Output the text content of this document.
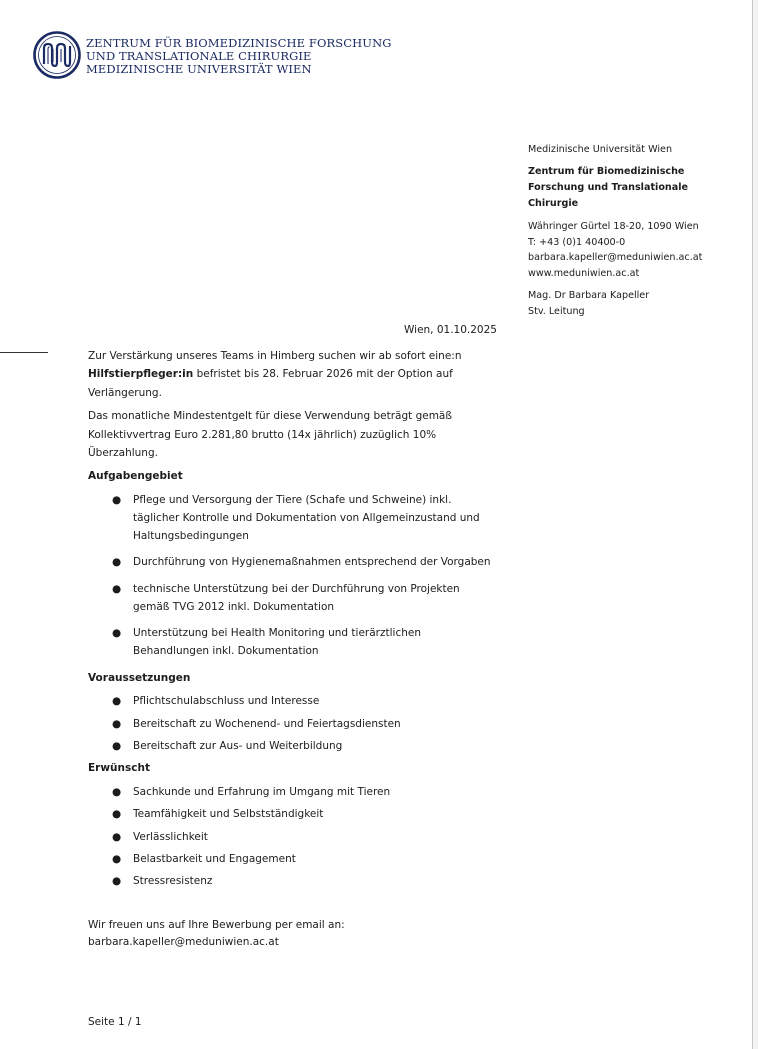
ZENTRUM FÜR BIOMEDIZINISCHE FORSCHUNG
UND TRANSLATIONALE CHIRURGIE
MEDIZINISCHE UNIVERSITÄT WIEN
Medizinische Universität Wien
Zentrum für Biomedizinische
Forschung und Translationale
Chirurgie
Währinger Gürtel 18-20, 1090 Wien
T: +43 (0)1 40400-0
barbara.kapeller@meduniwien.ac.at
www.meduniwien.ac.at
Mag. Dr Barbara Kapeller
Stv. Leitung
Wien, 01.10.2025

Zur Verstärkung unseres Teams in Himberg suchen wir ab sofort eine:n
Hilfstierpfleger:in befristet bis 28. Februar 2026 mit der Option auf
Verlängerung.

Das monatliche Mindestentgelt für diese Verwendung beträgt gemäß
Kollektivvertrag Euro 2.281,80 brutto (14x jährlich) zuzüglich 10%
Überzahlung.

Aufgabengebiet
● Pflege und Versorgung der Tiere (Schafe und Schweine) inkl.
täglicher Kontrolle und Dokumentation von Allgemeinzustand und
Haltungsbedingungen
● Durchführung von Hygienemaßnahmen entsprechend der Vorgaben
● technische Unterstützung bei der Durchführung von Projekten
gemäß TVG 2012 inkl. Dokumentation
● Unterstützung bei Health Monitoring und tierärztlichen
Behandlungen inkl. Dokumentation
Voraussetzungen
● Pflichtschulabschluss und Interesse
● Bereitschaft zu Wochenend- und Feiertagsdiensten
● Bereitschaft zur Aus- und Weiterbildung
Erwünscht
● Sachkunde und Erfahrung im Umgang mit Tieren
● Teamfähigkeit und Selbstständigkeit
● Verlässlichkeit
● Belastbarkeit und Engagement
● Stressresistenz
Wir freuen uns auf Ihre Bewerbung per email an:
barbara.kapeller@meduniwien.ac.at
Seite 1 / 1
